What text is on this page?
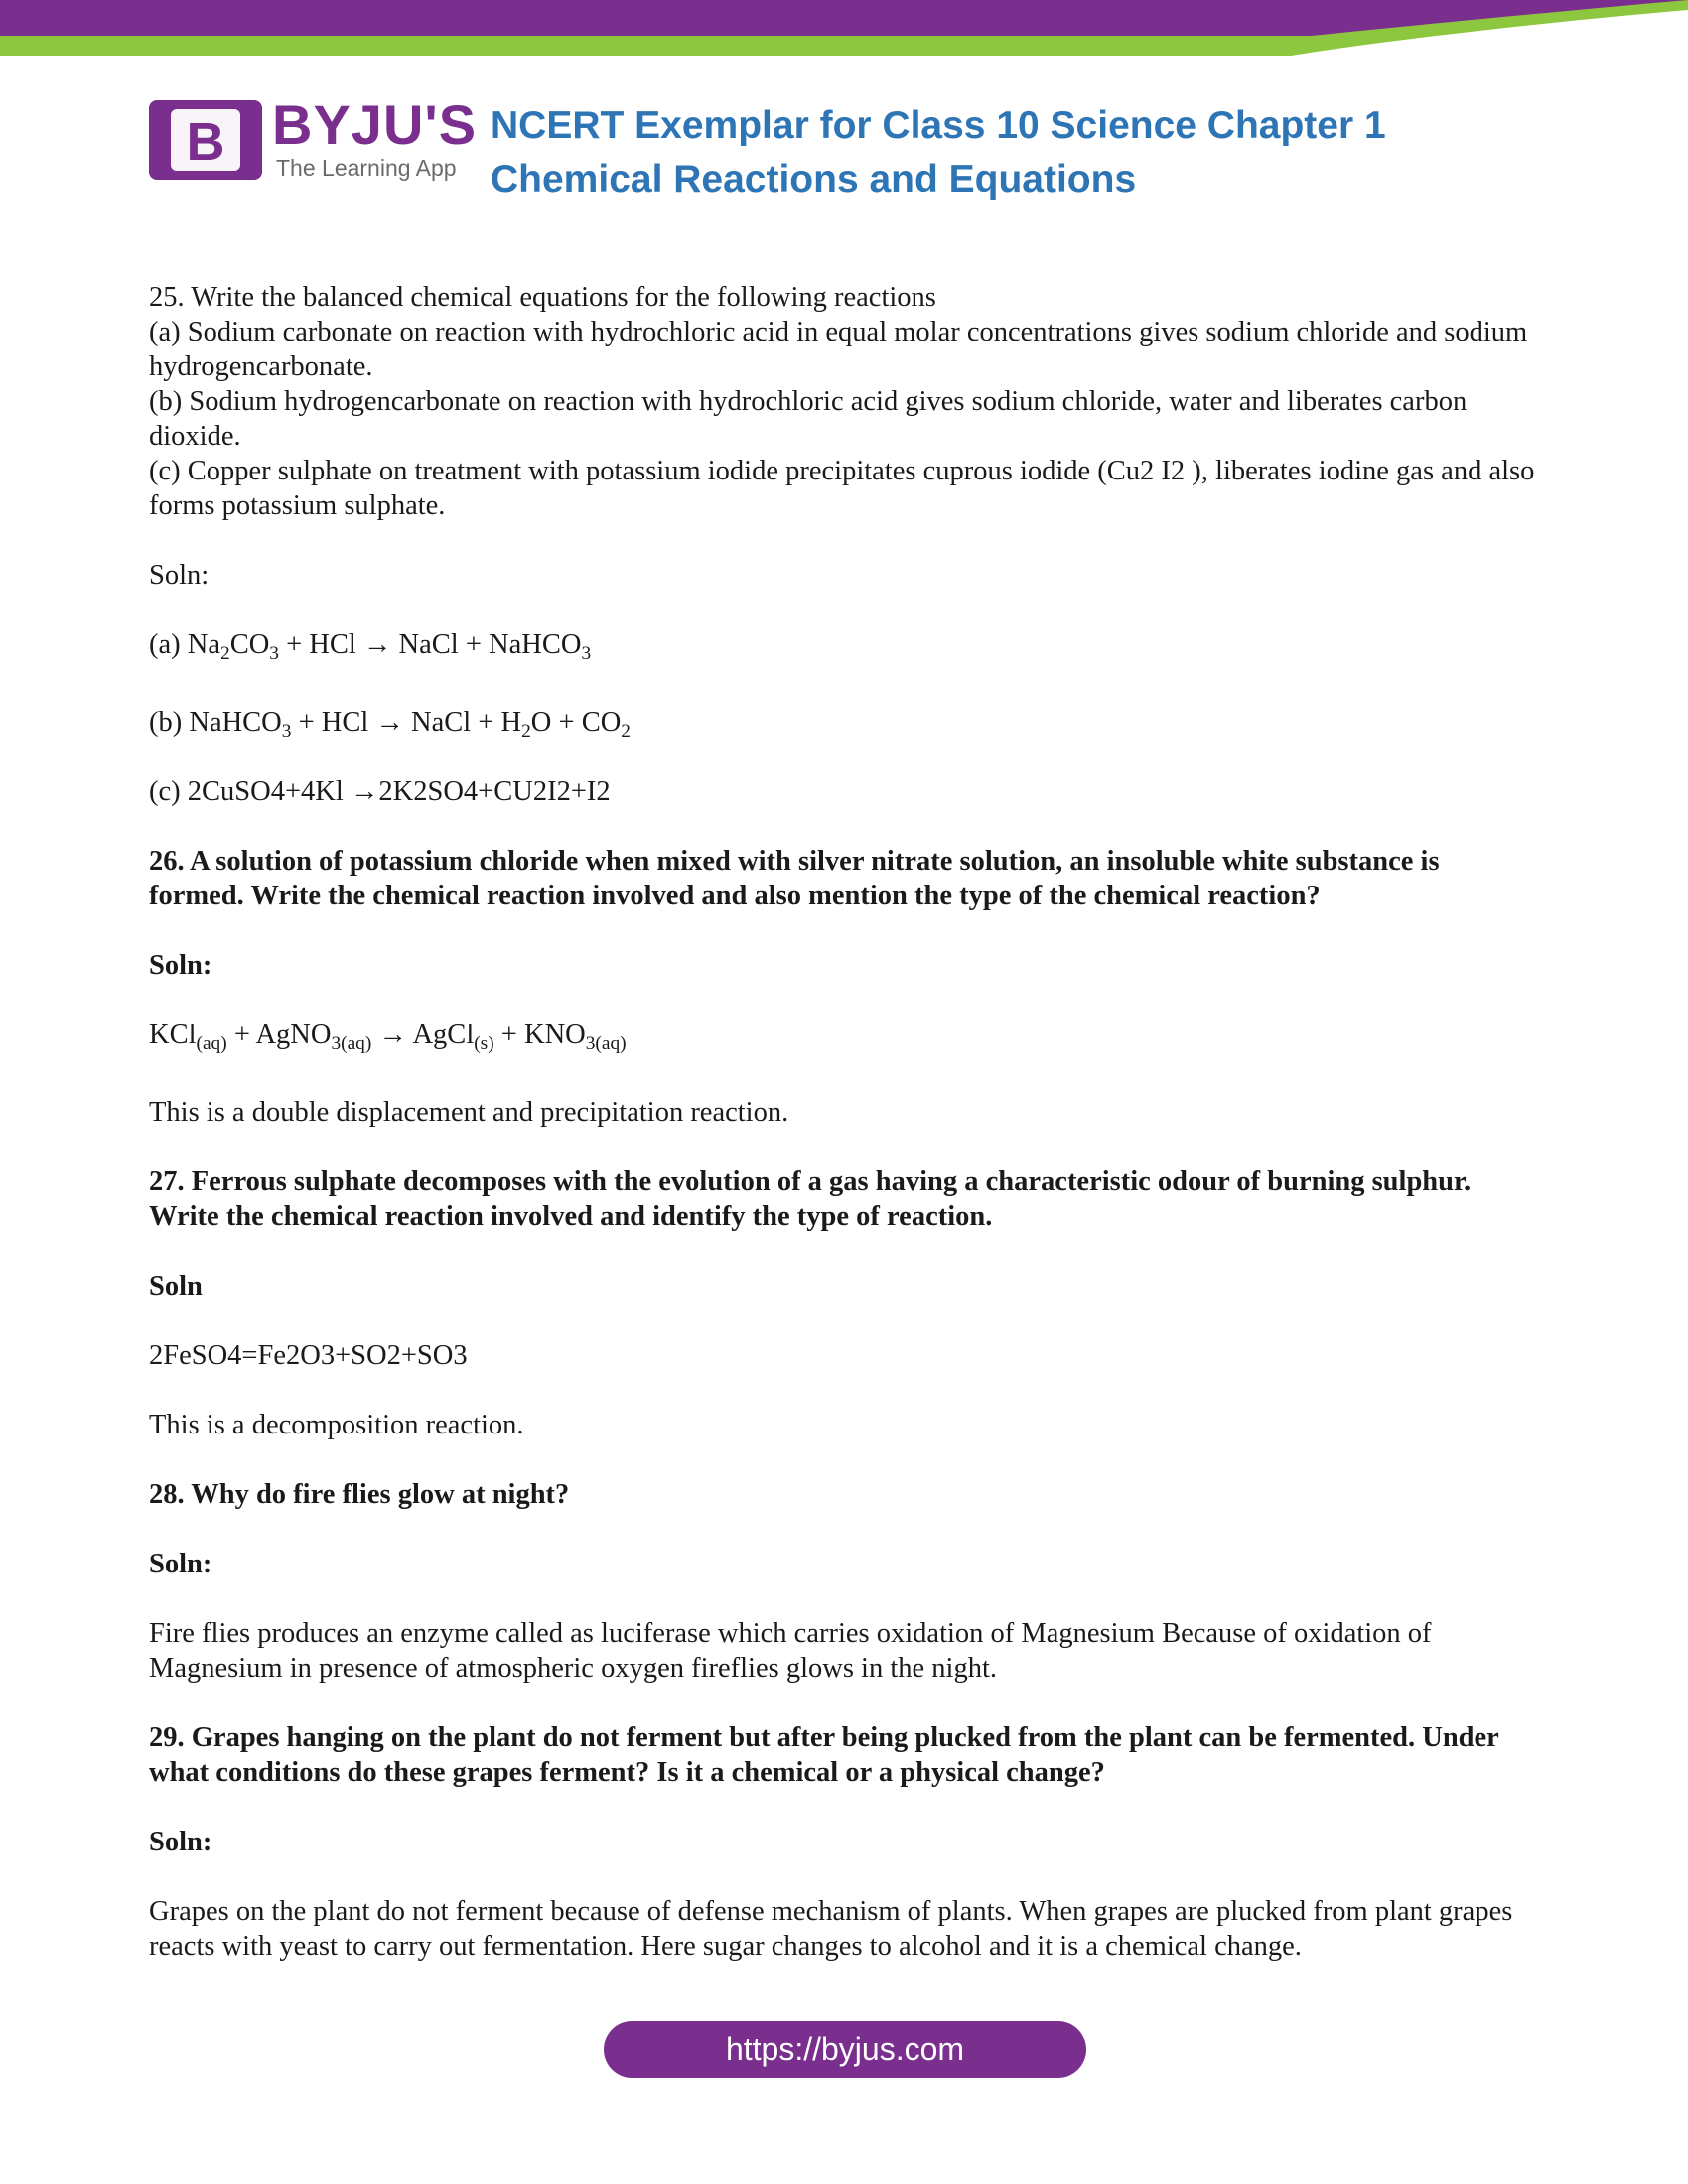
B BYJU'S
The Learning App
NCERT Exemplar for Class 10 Science Chapter 1 Chemical Reactions and Equations

25. Write the balanced chemical equations for the following reactions

(a) Sodium carbonate on reaction with hydrochloric acid in equal molar concentrations gives sodium chloride and sodium hydrogencarbonate.

(b) Sodium hydrogencarbonate on reaction with hydrochloric acid gives sodium chloride, water and liberates carbon dioxide.

(c) Copper sulphate on treatment with potassium iodide precipitates cuprous iodide (Cu2 I2 ), liberates iodine gas and also forms potassium sulphate.

Soln:

(a) $Na_2CO_3$ + HCl → NaCl + NaHCO$_3$

(b) NaHCO$_3$ + HCl → NaCl + $H_2O + CO_2$

(c) 2CuSO4+4Kl →2K2SO4+CU2I2+I2

26. A solution of potassium chloride when mixed with silver nitrate solution, an insoluble white substance is formed. Write the chemical reaction involved and also mention the type of the chemical reaction?

Soln:

KCl$_{(aq)}$ + AgNO$_{3(aq)}$ → AgCl$_{(s)}$ + $KNO_{3(aq)}$

This is a double displacement and precipitation reaction.

27. Ferrous sulphate decomposes with the evolution of a gas having a characteristic odour of burning sulphur. Write the chemical reaction involved and identify the type of reaction.

Soln

2FeSO4=Fe2O3+SO2+SO3

This is a decomposition reaction.

28. Why do fire flies glow at night?

Soln:

Fire flies produces an enzyme called as luciferase which carries oxidation of Magnesium Because of oxidation of Magnesium in presence of atmospheric oxygen fireflies glows in the night.

29. Grapes hanging on the plant do not ferment but after being plucked from the plant can be fermented. Under what conditions do these grapes ferment? Is it a chemical or a physical change?

Soln:

Grapes on the plant do not ferment because of defense mechanism of plants. When grapes are plucked from plant grapes reacts with yeast to carry out fermentation. Here sugar changes to alcohol and it is a chemical change.

https://byjus.com
